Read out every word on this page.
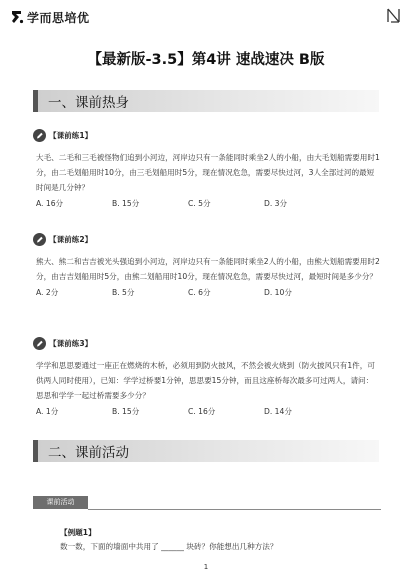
学而思培优
【最新版-3.5】第4讲 速战速决 B版
一、课前热身
【课前练1】
大毛、二毛和三毛被怪物们追到小河边，河岸边只有一条能同时乘坐2人的小船，由大毛划船需要用时1分，由二毛划船用时10分，由三毛划船用时5分，现在情况危急，需要尽快过河，3人全部过河的最短时间是几分钟？
A. 16分	B. 15分	C. 5分	D. 3分
【课前练2】
熊大、熊二和吉吉被光头强追到小河边，河岸边只有一条能同时乘坐2人的小船，由熊大划船需要用时2分，由吉吉划船用时5分，由熊二划船用时10分，现在情况危急，需要尽快过河，最短时间是多少分？
A. 2分	B. 5分	C. 6分	D. 10分
【课前练3】
学学和思思要通过一座正在燃烧的木桥，必须用到防火披风，不然会被火烧到（防火披风只有1件，可供两人同时使用），已知：学学过桥要1分钟，思思要15分钟，而且这座桥每次最多可过两人，请问：思思和学学一起过桥需要多少分？
A. 1分	B. 15分	C. 16分	D. 14分
二、课前活动
课前活动
【例题1】
数一数，下面的墙面中共用了 ______ 块砖？你能想出几种方法？
1
